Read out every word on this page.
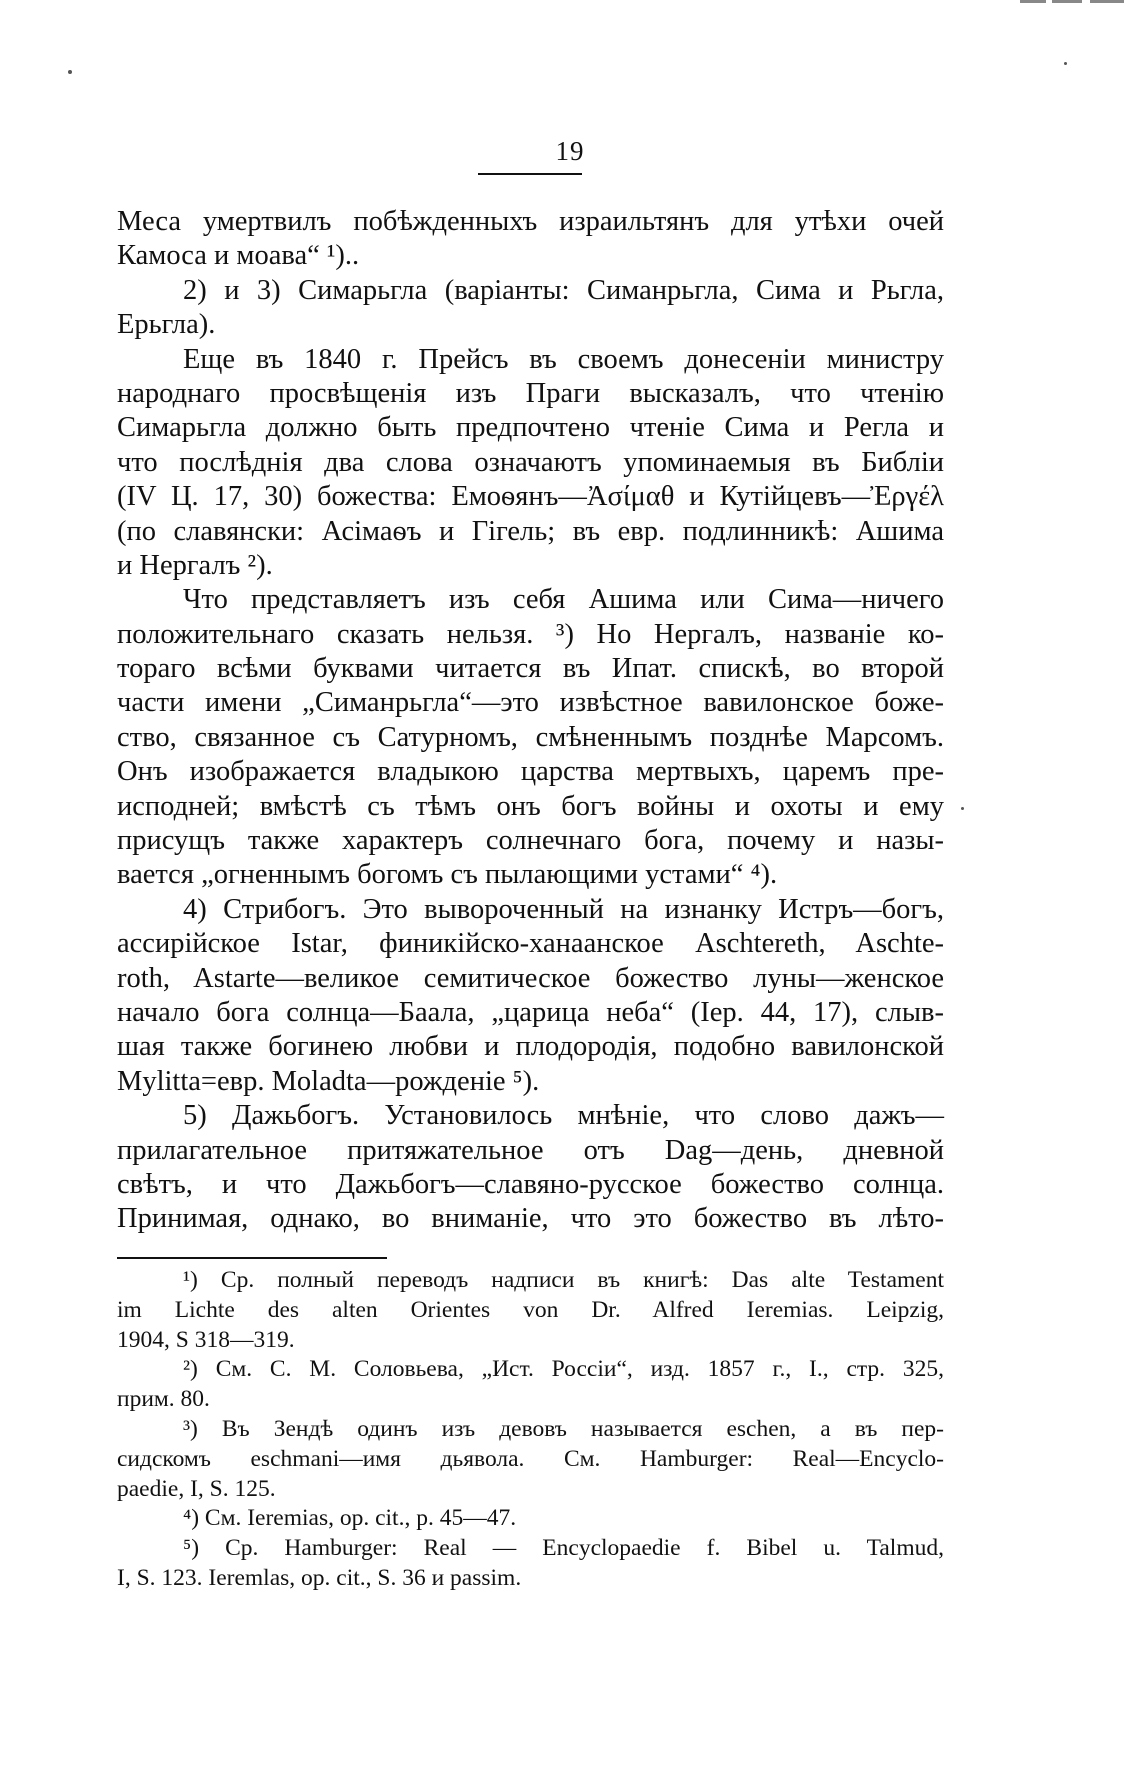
19
Меса умертвилъ побѣжденныхъ израильтянъ для утѣхи очей
Камоса и моава“ ¹)..
2) и 3) Симарьгла (варіанты: Симанрьгла, Сима и Рьгла,
Ерьгла).
Еще въ 1840 г. Прейсъ въ своемъ донесеніи министру
народнаго просвѣщенія изъ Праги высказалъ, что чтенію
Симарьгла должно быть предпочтено чтеніе Сима и Регла и
что послѣднія два слова означаютъ упоминаемыя въ Библіи
(IV Ц. 17, 30) божества: Емоѳянъ—Ἀσίμαθ и Кутійцевъ—Ἐργέλ
(по славянски: Асімаѳъ и Гігель; въ евр. подлинникѣ: Ашима
и Нергалъ ²).
Что представляетъ изъ себя Ашима или Сима—ничего
положительнаго сказать нельзя. ³) Но Нергалъ, названіе ко-
тораго всѣми буквами читается въ Ипат. спискѣ, во второй
части имени „Симанрьгла“—это извѣстное вавилонское боже-
ство, связанное съ Сатурномъ, смѣненнымъ позднѣе Марсомъ.
Онъ изображается владыкою царства мертвыхъ, царемъ пре-
исподней; вмѣстѣ съ тѣмъ онъ богъ войны и охоты и ему
присущъ также характеръ солнечнаго бога, почему и назы-
вается „огненнымъ богомъ съ пылающими устами“ ⁴).
4) Стрибогъ. Это вывороченный на изнанку Истръ—богъ,
ассирійское Istar, финикійско-ханаанское Aschtereth, Aschte-
roth, Astarte—великое семитическое божество луны—женское
начало бога солнца—Баала, „царица неба“ (Іер. 44, 17), слыв-
шая также богинею любви и плодородія, подобно вавилонской
Mylitta=евр. Moladta—рожденіе ⁵).
5) Дажьбогъ. Установилось мнѣніе, что слово дажъ—
прилагательное притяжательное отъ Dag—день, дневной
свѣтъ, и что Дажьбогъ—славяно-русское божество солнца.
Принимая, однако, во вниманіе, что это божество въ лѣто-
¹) Ср. полный переводъ надписи въ книгѣ: Das alte Testament
im Lichte des alten Orientes von Dr. Alfred Ieremias. Leipzig,
1904, S 318—319.
²) См. С. М. Соловьева, „Ист. Россіи“, изд. 1857 г., I., стр. 325,
прим. 80.
³) Въ Зендѣ одинъ изъ девовъ называется eschen, а въ пер-
сидскомъ eschmani—имя дьявола. См. Hamburger: Real—Encyclo-
paedie, I, S. 125.
⁴) См. Ieremias, op. cit., p. 45—47.
⁵) Ср. Hamburger: Real — Encyclopaedie f. Bibel u. Talmud,
I, S. 123. Ieremlas, op. cit., S. 36 и passim.
